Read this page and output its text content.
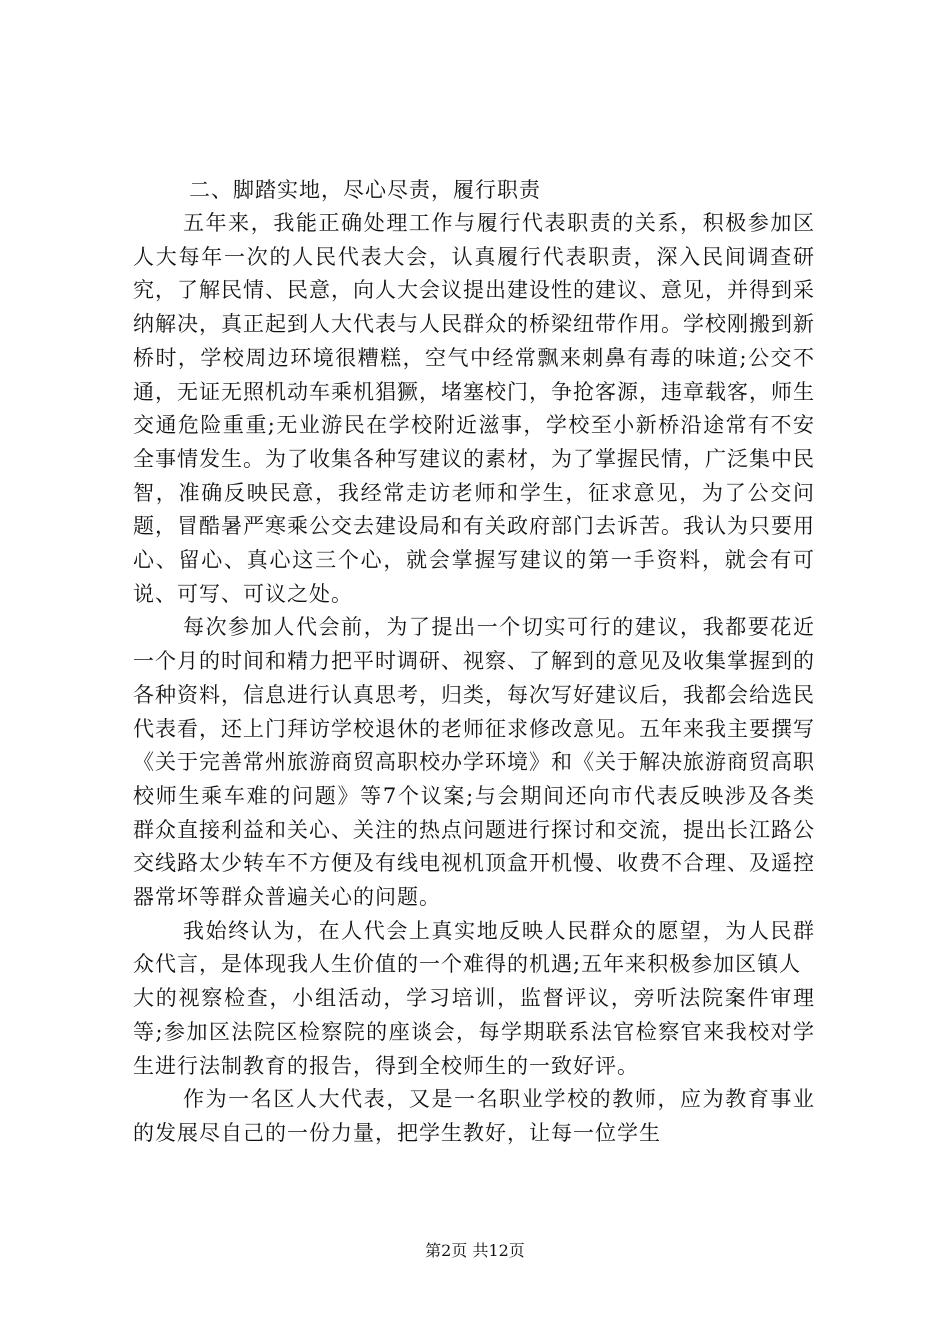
二、脚踏实地，尽心尽责，履行职责

五年来，我能正确处理工作与履行代表职责的关系，积极参加区人大每年一次的人民代表大会，认真履行代表职责，深入民间调查研究，了解民情、民意，向人大会议提出建设性的建议、意见，并得到采纳解决，真正起到人大代表与人民群众的桥梁纽带作用。学校刚搬到新桥时，学校周边环境很糟糕，空气中经常飘来刺鼻有毒的味道;公交不通，无证无照机动车乘机猖獗，堵塞校门，争抢客源，违章载客，师生交通危险重重;无业游民在学校附近滋事，学校至小新桥沿途常有不安全事情发生。为了收集各种写建议的素材，为了掌握民情，广泛集中民智，准确反映民意，我经常走访老师和学生，征求意见，为了公交问题，冒酷暑严寒乘公交去建设局和有关政府部门去诉苦。我认为只要用心、留心、真心这三个心，就会掌握写建议的第一手资料，就会有可说、可写、可议之处。

每次参加人代会前，为了提出一个切实可行的建议，我都要花近一个月的时间和精力把平时调研、视察、了解到的意见及收集掌握到的各种资料，信息进行认真思考，归类，每次写好建议后，我都会给选民代表看，还上门拜访学校退休的老师征求修改意见。五年来我主要撰写《关于完善常州旅游商贸高职校办学环境》和《关于解决旅游商贸高职校师生乘车难的问题》等7个议案;与会期间还向市代表反映涉及各类群众直接利益和关心、关注的热点问题进行探讨和交流，提出长江路公交线路太少转车不方便及有线电视机顶盒开机慢、收费不合理、及遥控器常坏等群众普遍关心的问题。

我始终认为，在人代会上真实地反映人民群众的愿望，为人民群众代言，是体现我人生价值的一个难得的机遇;五年来积极参加区镇人

大的视察检查，小组活动，学习培训，监督评议，旁听法院案件审理等;参加区法院区检察院的座谈会，每学期联系法官检察官来我校对学生进行法制教育的报告，得到全校师生的一致好评。

作为一名区人大代表，又是一名职业学校的教师，应为教育事业的发展尽自己的一份力量，把学生教好，让每一位学生

第2页 共12页
